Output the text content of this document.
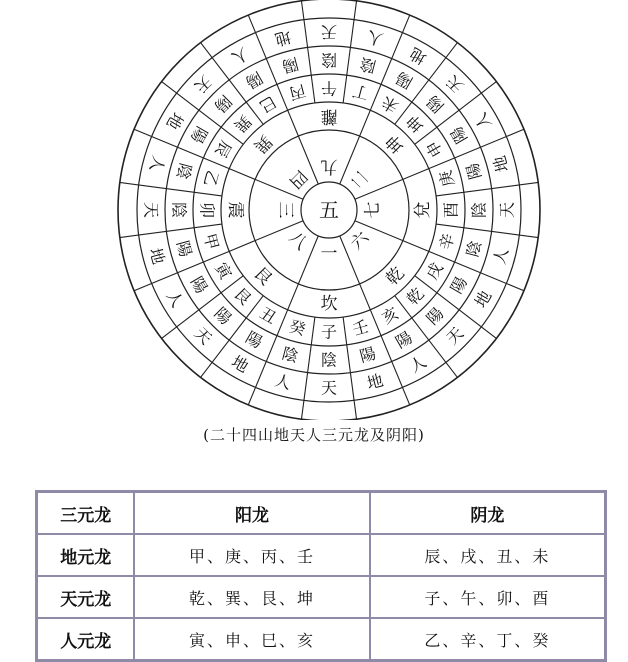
五
一
八
三
四 九 二
七
六
坎
艮
震
巽
離
坤
兌
乾
壬
子
癸
丑
艮
寅
甲
卯
乙
辰
巽
巳 丙 午 丁 未
坤
申
庚
酉
辛
戌
乾
亥
陽
陰
陰
陽
陽
陽
陽
陰
陰
陽
陽
陽
陽 陰 陰
陽
陽
陽
陽
陰
陰
陽
陽
陽
地
天
人
地
天
人
地
天
人
地
天
人
地 天 人
地
天
人
地
天
人
地
天
人
(二十四山地天人三元龙及阴阳)
三元龙	阳龙	阴龙
地元龙	甲、庚、丙、壬	辰、戌、丑、未
天元龙	乾、巽、艮、坤	子、午、卯、酉
人元龙	寅、申、巳、亥	乙、辛、丁、癸
